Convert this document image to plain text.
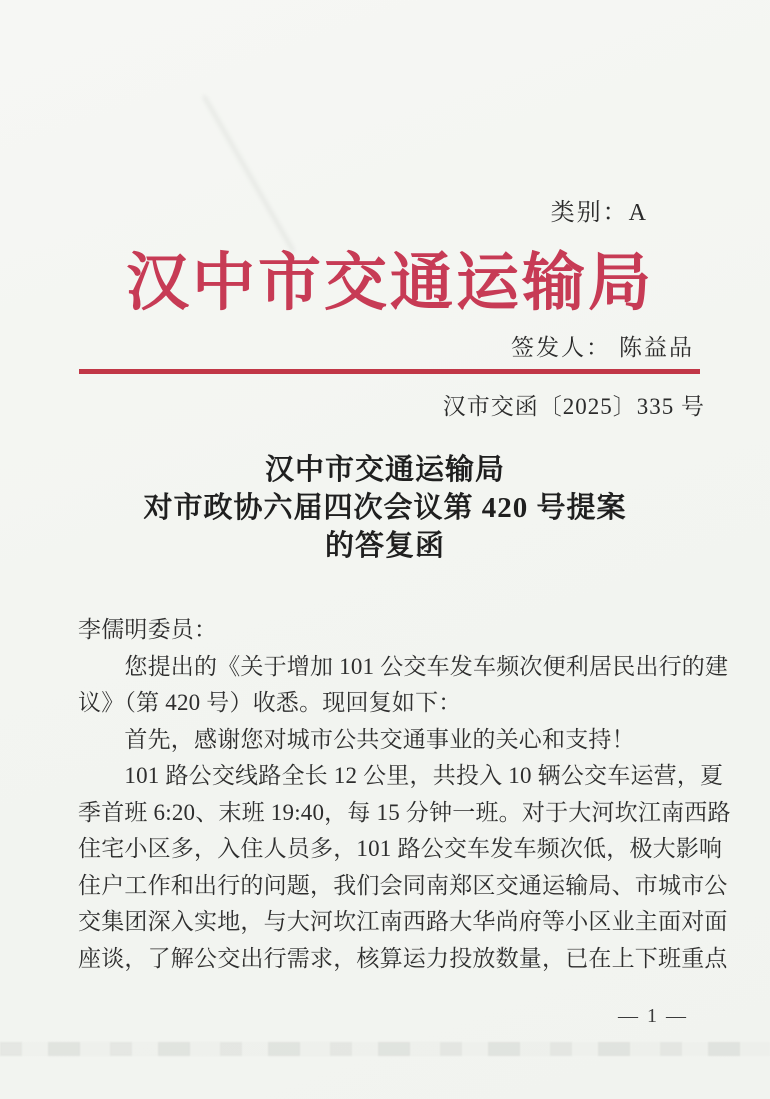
类别：A
汉中市交通运输局
签发人： 陈益品
汉市交函〔2025〕335 号
汉中市交通运输局
对市政协六届四次会议第 420 号提案
的答复函
李儒明委员：
　　您提出的《关于增加 101 公交车发车频次便利居民出行的建
议》（第 420 号）收悉。现回复如下：
　　首先，感谢您对城市公共交通事业的关心和支持！
　　101 路公交线路全长 12 公里，共投入 10 辆公交车运营，夏
季首班 6:20、末班 19:40，每 15 分钟一班。对于大河坎江南西路
住宅小区多，入住人员多，101 路公交车发车频次低，极大影响
住户工作和出行的问题，我们会同南郑区交通运输局、市城市公
交集团深入实地，与大河坎江南西路大华尚府等小区业主面对面
座谈，了解公交出行需求，核算运力投放数量，已在上下班重点
— 1 —
